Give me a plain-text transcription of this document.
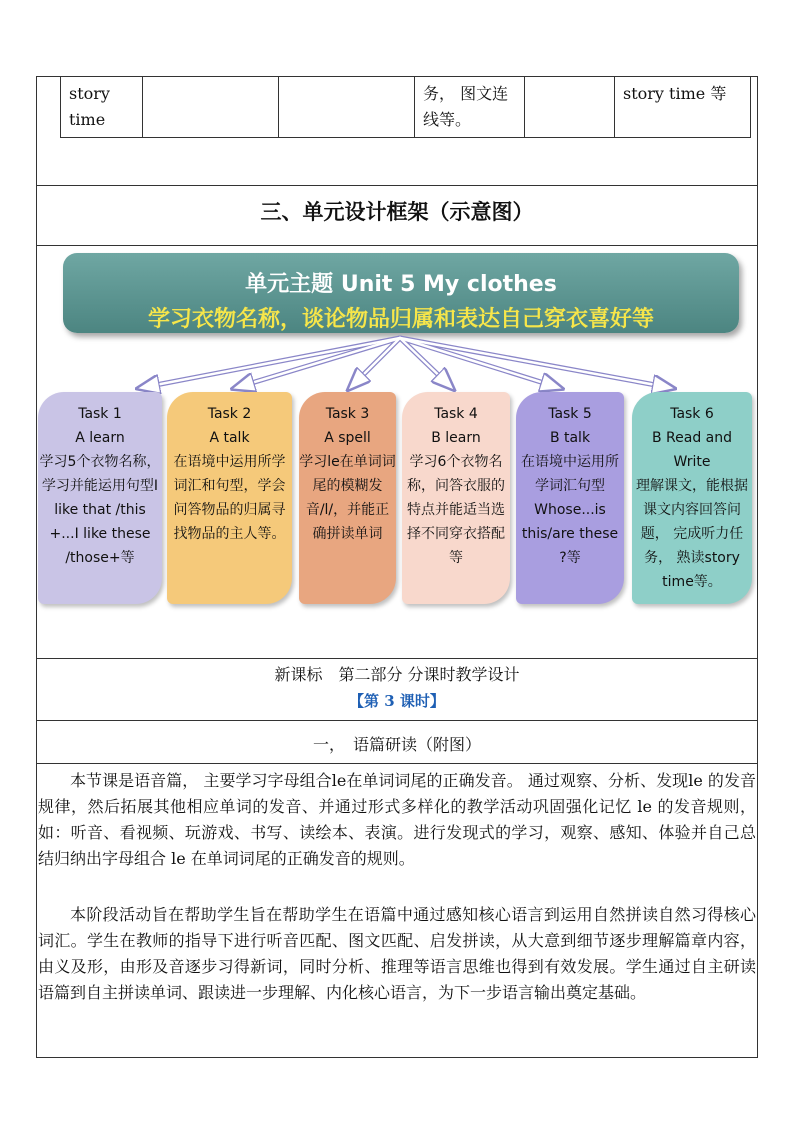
story time			务， 图文连线等。		story time 等
三、单元设计框架（示意图）
单元主题 Unit 5 My clothes
学习衣物名称，谈论物品归属和表达自己穿衣喜好等
Task 1
A learn
学习5个衣物名称，学习并能运用句型I like that /this +...I like these /those+等
Task 2
A talk
在语境中运用所学词汇和句型，学会问答物品的归属寻找物品的主人等。
Task 3
A spell
学习le在单词词尾的模糊发音/l/，并能正确拼读单词
Task 4
B learn
学习6个衣物名称，问答衣服的特点并能适当选择不同穿衣搭配等
Task 5
B talk
在语境中运用所学词汇句型 Whose...is this/are these ?等
Task 6
B Read and Write
理解课文，能根据课文内容回答问题， 完成听力任务， 熟读story time等。
新课标　第二部分 分课时教学设计
【第 3 课时】
一，　语篇研读（附图）

本节课是语音篇， 主要学习字母组合le在单词词尾的正确发音。 通过观察、分析、发现le 的发音规律，然后拓展其他相应单词的发音、并通过形式多样化的教学活动巩固强化记忆 le 的发音规则，如：听音、看视频、玩游戏、书写、读绘本、表演。进行发现式的学习，观察、感知、体验并自己总结归纳出字母组合 le 在单词词尾的正确发音的规则。

本阶段活动旨在帮助学生旨在帮助学生在语篇中通过感知核心语言到运用自然拼读自然习得核心词汇。学生在教师的指导下进行听音匹配、图文匹配、启发拼读，从大意到细节逐步理解篇章内容，由义及形，由形及音逐步习得新词，同时分析、推理等语言思维也得到有效发展。学生通过自主研读语篇到自主拼读单词、跟读进一步理解、内化核心语言，为下一步语言输出奠定基础。
